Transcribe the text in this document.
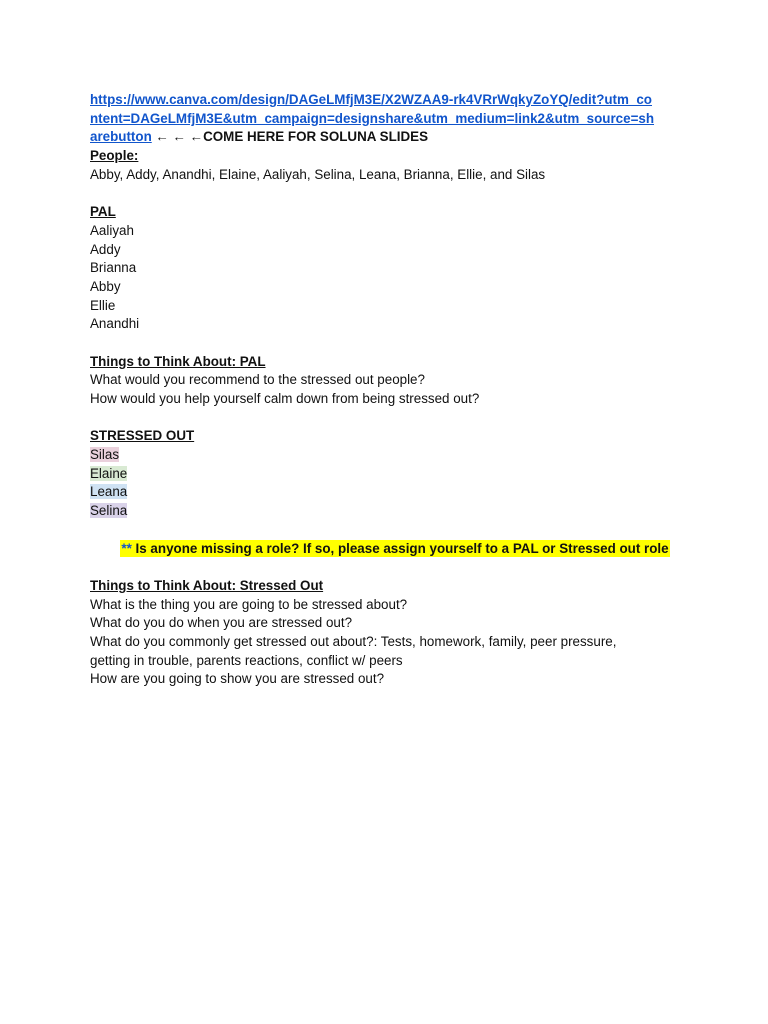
https://www.canva.com/design/DAGeLMfjM3E/X2WZAA9-rk4VRrWqkyZoYQ/edit?utm_co
ntent=DAGeLMfjM3E&utm_campaign=designshare&utm_medium=link2&utm_source=sh
arebutton ← ← ←COME HERE FOR SOLUNA SLIDES
People:
Abby, Addy, Anandhi, Elaine, Aaliyah, Selina, Leana, Brianna, Ellie, and Silas
PAL
Aaliyah
Addy
Brianna
Abby
Ellie
Anandhi
Things to Think About: PAL
What would you recommend to the stressed out people?
How would you help yourself calm down from being stressed out?
STRESSED OUT
Silas
Elaine
Leana
Selina
** Is anyone missing a role? If so, please assign yourself to a PAL or Stressed out role
Things to Think About: Stressed Out
What is the thing you are going to be stressed about?
What do you do when you are stressed out?
What do you commonly get stressed out about?: Tests, homework, family, peer pressure,
getting in trouble, parents reactions, conflict w/ peers
How are you going to show you are stressed out?
